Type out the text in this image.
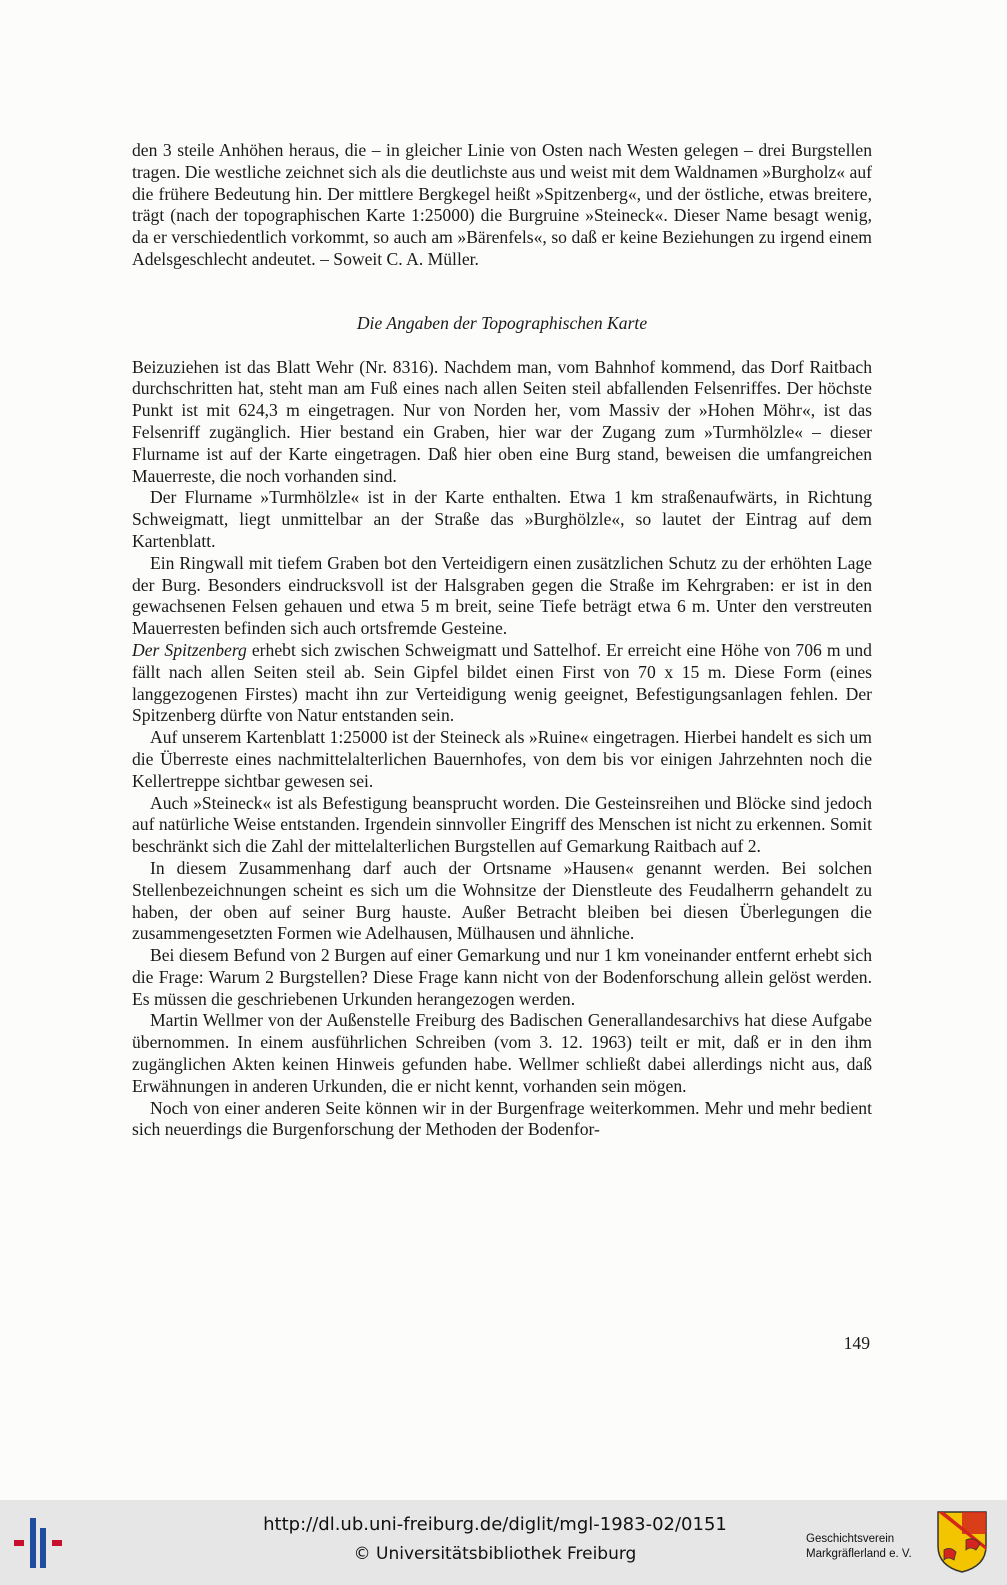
den 3 steile Anhöhen heraus, die – in gleicher Linie von Osten nach Westen gelegen – drei Burgstellen tragen. Die westliche zeichnet sich als die deutlichste aus und weist mit dem Waldnamen »Burgholz« auf die frühere Bedeutung hin. Der mittlere Bergkegel heißt »Spitzenberg«, und der östliche, etwas breitere, trägt (nach der topographischen Karte 1:25000) die Burgruine »Steineck«. Dieser Name besagt wenig, da er verschiedentlich vorkommt, so auch am »Bärenfels«, so daß er keine Beziehungen zu irgend einem Adelsgeschlecht andeutet. – Soweit C. A. Müller.

Die Angaben der Topographischen Karte

Beizuziehen ist das Blatt Wehr (Nr. 8316). Nachdem man, vom Bahnhof kommend, das Dorf Raitbach durchschritten hat, steht man am Fuß eines nach allen Seiten steil abfallenden Felsenriffes. Der höchste Punkt ist mit 624,3 m eingetragen. Nur von Norden her, vom Massiv der »Hohen Möhr«, ist das Felsenriff zugänglich. Hier bestand ein Graben, hier war der Zugang zum »Turmhölzle« – dieser Flurname ist auf der Karte eingetragen. Daß hier oben eine Burg stand, beweisen die umfangreichen Mauerreste, die noch vorhanden sind.

Der Flurname »Turmhölzle« ist in der Karte enthalten. Etwa 1 km straßenaufwärts, in Richtung Schweigmatt, liegt unmittelbar an der Straße das »Burghölzle«, so lautet der Eintrag auf dem Kartenblatt.

Ein Ringwall mit tiefem Graben bot den Verteidigern einen zusätzlichen Schutz zu der erhöhten Lage der Burg. Besonders eindrucksvoll ist der Halsgraben gegen die Straße im Kehrgraben: er ist in den gewachsenen Felsen gehauen und etwa 5 m breit, seine Tiefe beträgt etwa 6 m. Unter den verstreuten Mauerresten befinden sich auch ortsfremde Gesteine.

Der Spitzenberg erhebt sich zwischen Schweigmatt und Sattelhof. Er erreicht eine Höhe von 706 m und fällt nach allen Seiten steil ab. Sein Gipfel bildet einen First von 70 x 15 m. Diese Form (eines langgezogenen Firstes) macht ihn zur Verteidigung wenig geeignet, Befestigungsanlagen fehlen. Der Spitzenberg dürfte von Natur entstanden sein.

Auf unserem Kartenblatt 1:25000 ist der Steineck als »Ruine« eingetragen. Hierbei handelt es sich um die Überreste eines nachmittelalterlichen Bauernhofes, von dem bis vor einigen Jahrzehnten noch die Kellertreppe sichtbar gewesen sei.

Auch »Steineck« ist als Befestigung beansprucht worden. Die Gesteinsreihen und Blöcke sind jedoch auf natürliche Weise entstanden. Irgendein sinnvoller Eingriff des Menschen ist nicht zu erkennen. Somit beschränkt sich die Zahl der mittelalterlichen Burgstellen auf Gemarkung Raitbach auf 2.

In diesem Zusammenhang darf auch der Ortsname »Hausen« genannt werden. Bei solchen Stellenbezeichnungen scheint es sich um die Wohnsitze der Dienstleute des Feudalherrn gehandelt zu haben, der oben auf seiner Burg hauste. Außer Betracht bleiben bei diesen Überlegungen die zusammengesetzten Formen wie Adelhausen, Mülhausen und ähnliche.

Bei diesem Befund von 2 Burgen auf einer Gemarkung und nur 1 km voneinander entfernt erhebt sich die Frage: Warum 2 Burgstellen? Diese Frage kann nicht von der Bodenforschung allein gelöst werden. Es müssen die geschriebenen Urkunden herangezogen werden.

Martin Wellmer von der Außenstelle Freiburg des Badischen Generallandesarchivs hat diese Aufgabe übernommen. In einem ausführlichen Schreiben (vom 3. 12. 1963) teilt er mit, daß er in den ihm zugänglichen Akten keinen Hinweis gefunden habe. Wellmer schließt dabei allerdings nicht aus, daß Erwähnungen in anderen Urkunden, die er nicht kennt, vorhanden sein mögen.

Noch von einer anderen Seite können wir in der Burgenfrage weiterkommen. Mehr und mehr bedient sich neuerdings die Burgenforschung der Methoden der Bodenfor-

149
http://dl.ub.uni-freiburg.de/diglit/mgl-1983-02/0151
© Universitätsbibliothek Freiburg
Geschichtsverein
Markgräflerland e. V.
